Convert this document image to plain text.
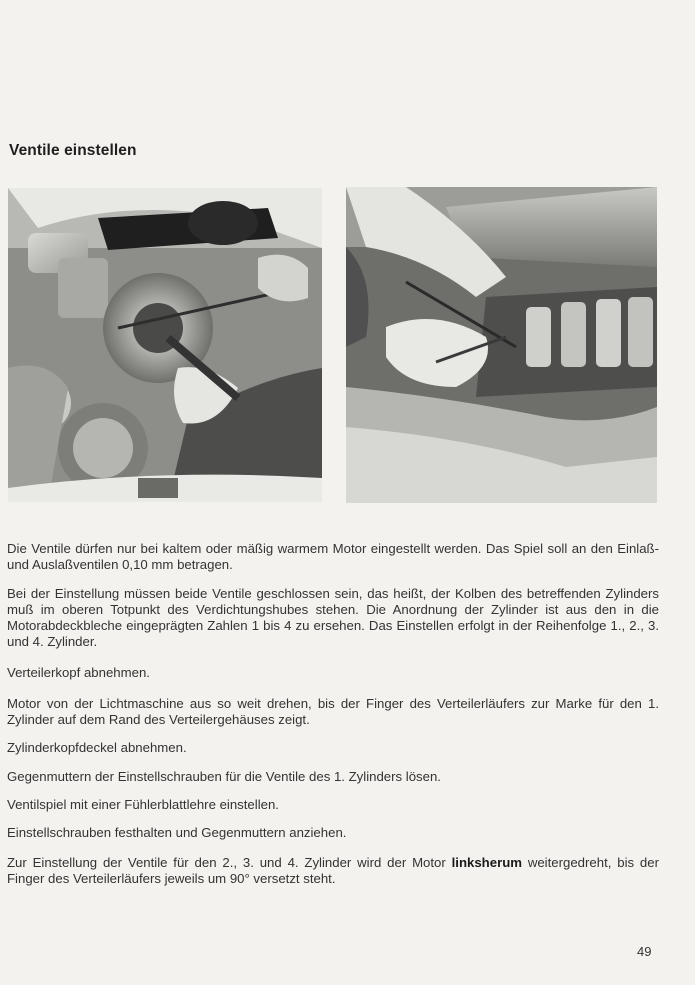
Ventile einstellen

Die Ventile dürfen nur bei kaltem oder mäßig warmem Motor eingestellt werden. Das Spiel soll an den Einlaß- und Auslaßventilen 0,10 mm betragen.

Bei der Einstellung müssen beide Ventile geschlossen sein, das heißt, der Kolben des betreffenden Zylinders muß im oberen Totpunkt des Verdichtungshubes stehen. Die Anordnung der Zylinder ist aus den in die Motorabdeckbleche eingeprägten Zahlen 1 bis 4 zu ersehen. Das Einstellen erfolgt in der Reihenfolge 1., 2., 3. und 4. Zylinder.

Verteilerkopf abnehmen.

Motor von der Lichtmaschine aus so weit drehen, bis der Finger des Verteilerläufers zur Marke für den 1. Zylinder auf dem Rand des Verteilergehäuses zeigt.

Zylinderkopfdeckel abnehmen.

Gegenmuttern der Einstellschrauben für die Ventile des 1. Zylinders lösen.

Ventilspiel mit einer Fühlerblattlehre einstellen.

Einstellschrauben festhalten und Gegenmuttern anziehen.

Zur Einstellung der Ventile für den 2., 3. und 4. Zylinder wird der Motor linksherum weitergedreht, bis der Finger des Verteilerläufers jeweils um 90° versetzt steht.

49
